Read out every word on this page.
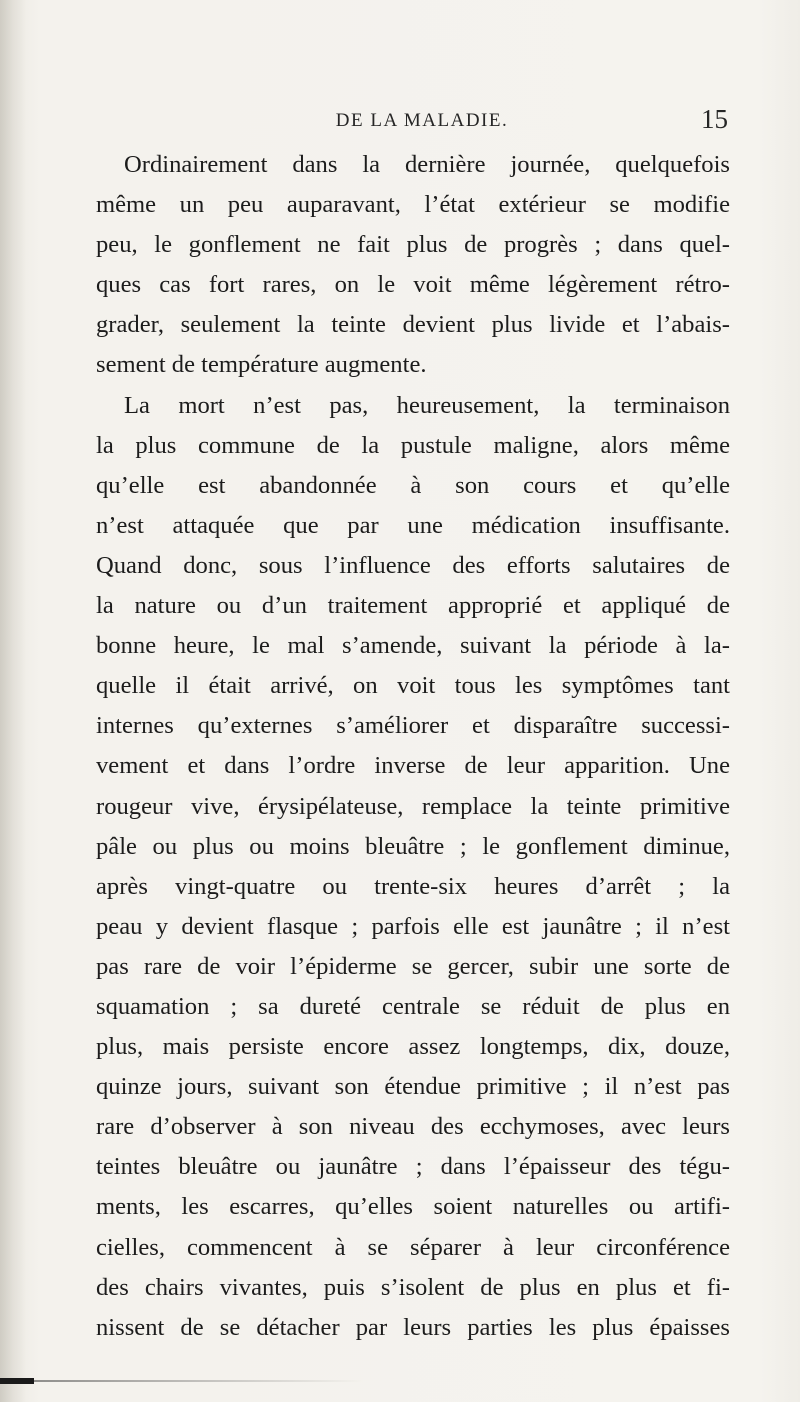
DE LA MALADIE.	15
Ordinairement dans la dernière journée, quelquefois
même un peu auparavant, l’état extérieur se modifie
peu, le gonflement ne fait plus de progrès ; dans quel-
ques cas fort rares, on le voit même légèrement rétro-
grader, seulement la teinte devient plus livide et l’abais-
sement de température augmente.
La mort n’est pas, heureusement, la terminaison
la plus commune de la pustule maligne, alors même
qu’elle est abandonnée à son cours et qu’elle
n’est attaquée que par une médication insuffisante.
Quand donc, sous l’influence des efforts salutaires de
la nature ou d’un traitement approprié et appliqué de
bonne heure, le mal s’amende, suivant la période à la-
quelle il était arrivé, on voit tous les symptômes tant
internes qu’externes s’améliorer et disparaître successi-
vement et dans l’ordre inverse de leur apparition. Une
rougeur vive, érysipélateuse, remplace la teinte primitive
pâle ou plus ou moins bleuâtre ; le gonflement diminue,
après vingt-quatre ou trente-six heures d’arrêt ; la
peau y devient flasque ; parfois elle est jaunâtre ; il n’est
pas rare de voir l’épiderme se gercer, subir une sorte de
squamation ; sa dureté centrale se réduit de plus en
plus, mais persiste encore assez longtemps, dix, douze,
quinze jours, suivant son étendue primitive ; il n’est pas
rare d’observer à son niveau des ecchymoses, avec leurs
teintes bleuâtre ou jaunâtre ; dans l’épaisseur des tégu-
ments, les escarres, qu’elles soient naturelles ou artifi-
cielles, commencent à se séparer à leur circonférence
des chairs vivantes, puis s’isolent de plus en plus et fi-
nissent de se détacher par leurs parties les plus épaisses
